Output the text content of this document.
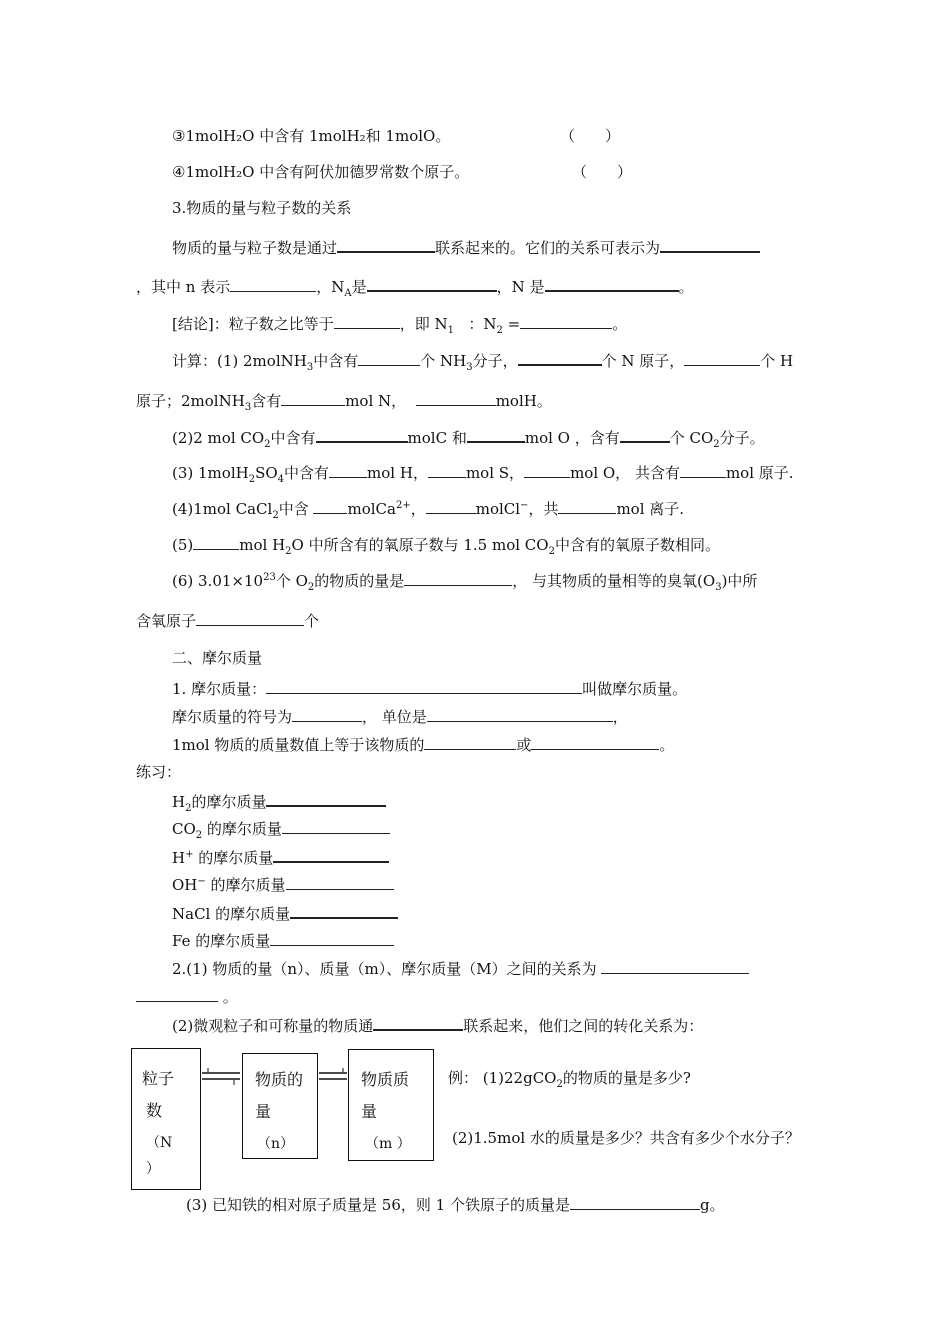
③1molH₂O 中含有 1molH₂和 1molO。	（　　）
④1molH₂O 中含有阿伏加德罗常数个原子。	（　　）
3.物质的量与粒子数的关系
物质的量与粒子数是通过	联系起来的。它们的关系可表示为
，其中 n 表示	，$N_A$是	，N 是	。
[结论]：粒子数之比等于	，即 $N_1$ ：$N_2$ =	。
计算：(1) 2molNH$_3$中含有	个 $NH_3$分子，	个 N 原子，	个 H
原子；2molNH$_3$含有	mol N，	molH。
(2)2 mol $CO_2$中含有	molC 和	mol O ，含有	个 $CO_2$分子。
(3) $1molH_2SO_4$中含有	mol H，	mol S，	mol O， 共含有	mol 原子.
(4)1mol CaCl$_2$中含 molCa$^{2+}$，	molCl−，共	mol 离子.
(5)	mol $H_2O$ 中所含有的氧原子数与 1.5 mol $CO_2$中含有的氧原子数相同。
(6) $3.01\times 10^{23}$个 $O_2$的物质的量是	， 与其物质的量相等的臭氧$(O_3)$中所
含氧原子	个
二、摩尔质量
1. 摩尔质量：	叫做摩尔质量。
摩尔质量的符号为	， 单位是	，
1mol 物质的质量数值上等于该物质的	或	。
练习：
$H_2$的摩尔质量
$CO_2$ 的摩尔质量
H+ 的摩尔质量
OH− 的摩尔质量
NaCl 的摩尔质量
Fe 的摩尔质量
2.(1) 物质的量（n）、质量（m）、摩尔质量（M）之间的关系为
。
(2)微观粒子和可称量的物质通	联系起来，他们之间的转化关系为：
粒子
数
（N
）
物质的
量
（n）
物质质
量
（m ）
例： (1)22gCO$_2$的物质的量是多少?
(2)1.5mol 水的质量是多少？共含有多少个水分子？
(3) 已知铁的相对原子质量是 56，则 1 个铁原子的质量是	g。
